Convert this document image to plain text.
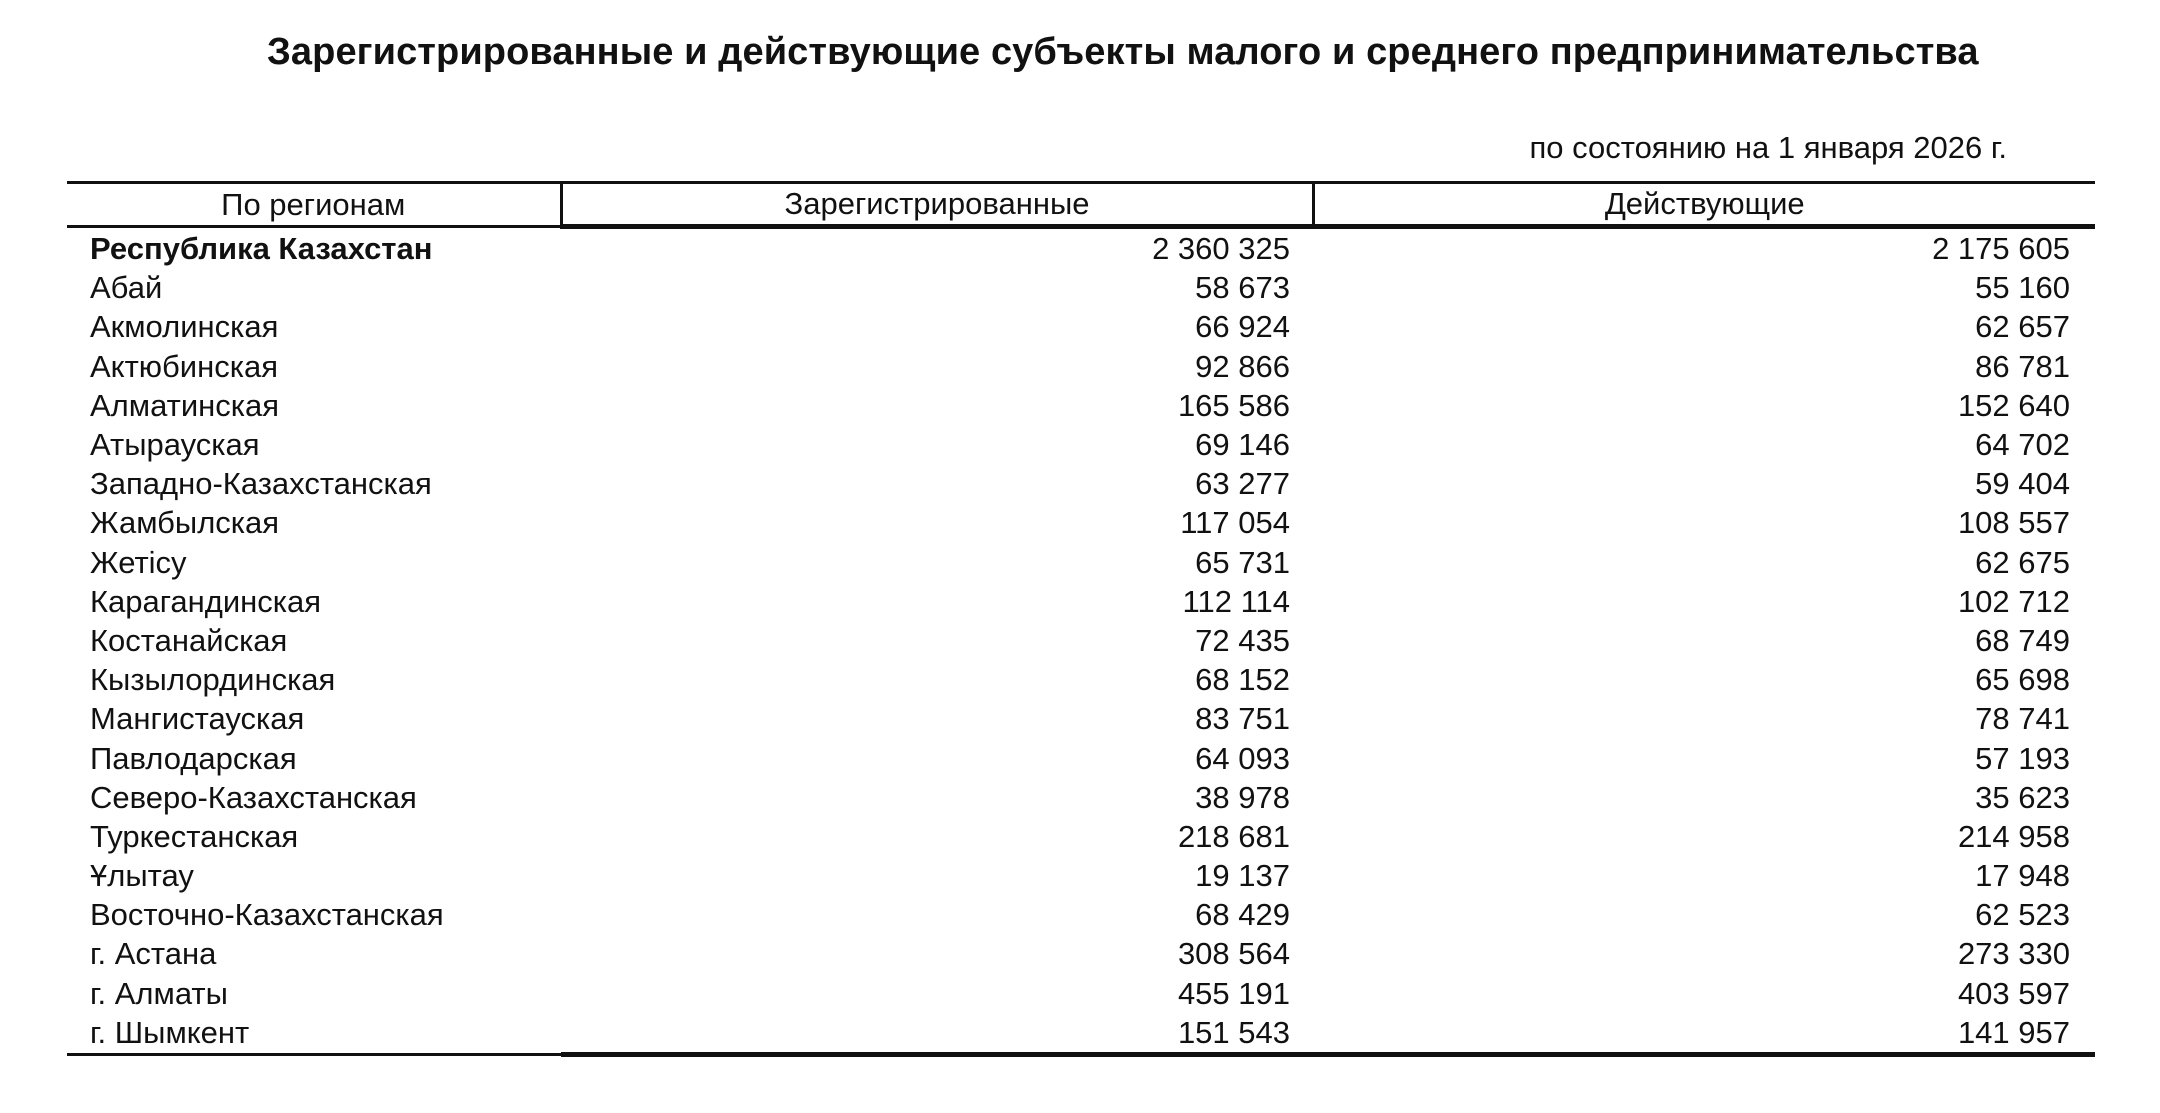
Зарегистрированные и действующие субъекты малого и среднего предпринимательства
по состоянию на 1 января 2026 г.
По регионам	Зарегистрированные	Действующие
Республика Казахстан	2 360 325	2 175 605
Абай	58 673	55 160
Акмолинская	66 924	62 657
Актюбинская	92 866	86 781
Алматинская	165 586	152 640
Атырауская	69 146	64 702
Западно-Казахстанская	63 277	59 404
Жамбылская	117 054	108 557
Жетісу	65 731	62 675
Карагандинская	112 114	102 712
Костанайская	72 435	68 749
Кызылординская	68 152	65 698
Мангистауская	83 751	78 741
Павлодарская	64 093	57 193
Северо-Казахстанская	38 978	35 623
Туркестанская	218 681	214 958
Ұлытау	19 137	17 948
Восточно-Казахстанская	68 429	62 523
г. Астана	308 564	273 330
г. Алматы	455 191	403 597
г. Шымкент	151 543	141 957
